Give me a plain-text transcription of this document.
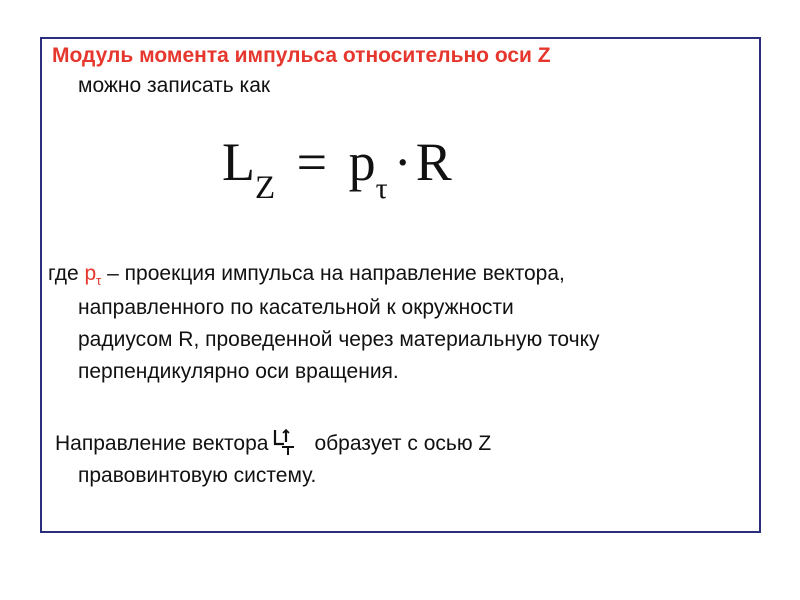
Модуль момента импульса относительно оси Z
можно записать как
$L_Z = p_\tau \cdot R$
где $p_\tau$ – проекция импульса на направление вектора,
направленного по касательной к окружности
радиусом R, проведенной через материальную точку
перпендикулярно оси вращения.
Направление вектора образует с осью Z
правовинтовую систему.
